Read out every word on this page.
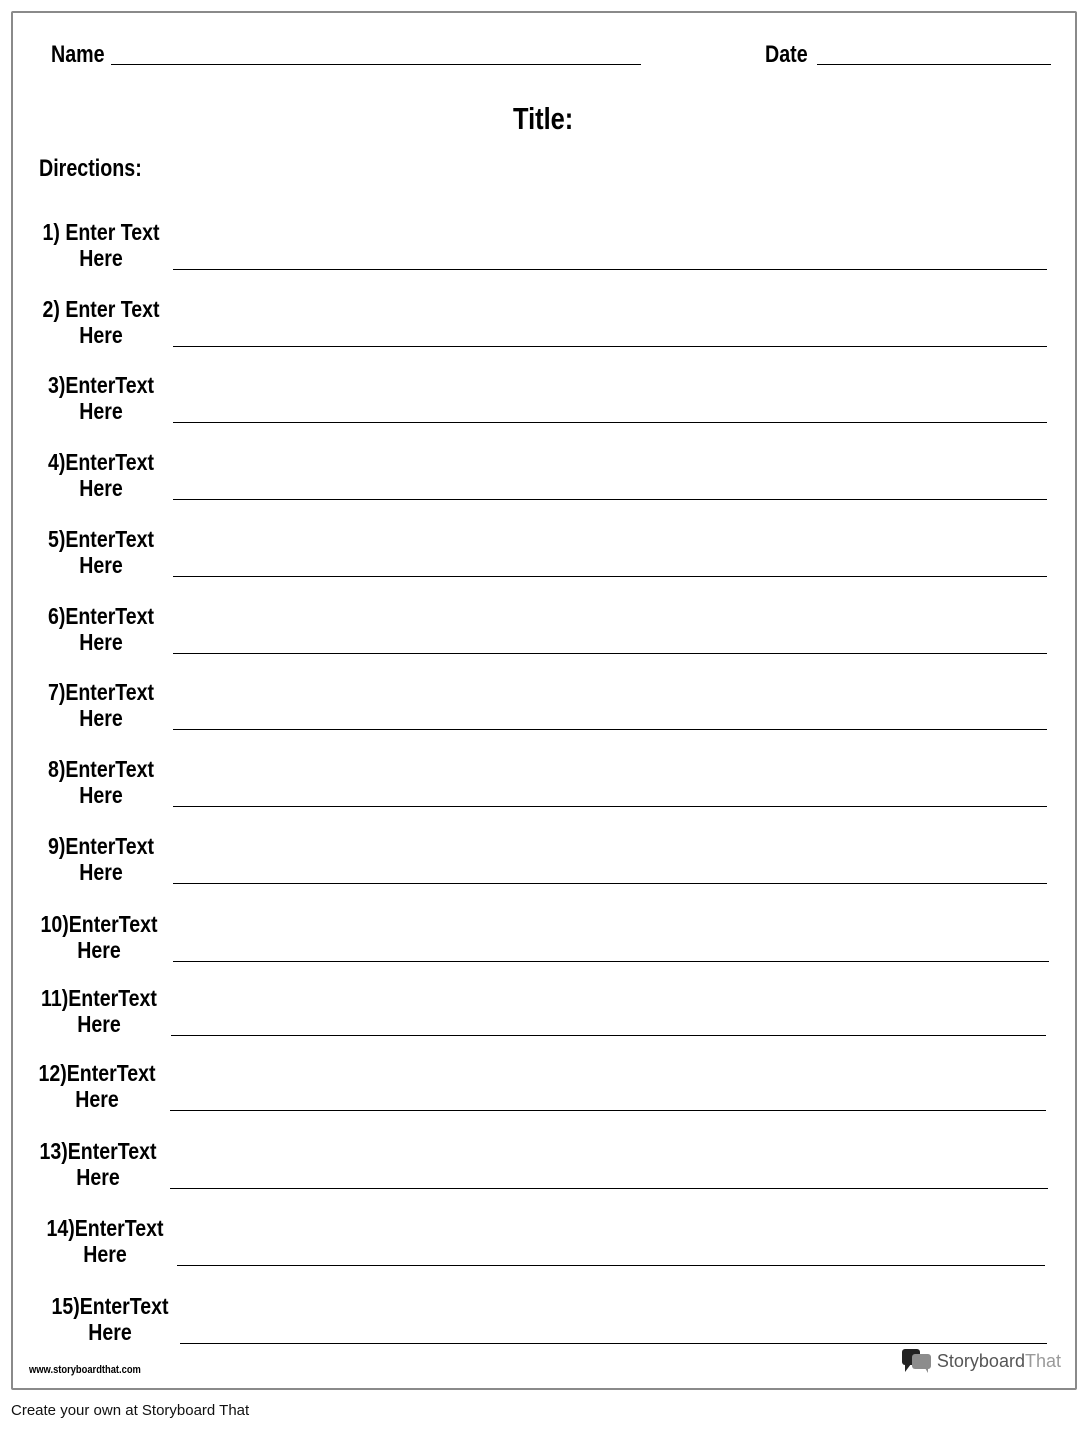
Name	Date
Title:
Directions:
1) Enter Text
Here
2) Enter Text
Here
3)EnterText
Here
4)EnterText
Here
5)EnterText
Here
6)EnterText
Here
7)EnterText
Here
8)EnterText
Here
9)EnterText
Here
10)EnterText
Here
11)EnterText
Here
12)EnterText
Here
13)EnterText
Here
14)EnterText
Here
15)EnterText
Here
www.storyboardthat.com	StoryboardThat
Create your own at Storyboard That
